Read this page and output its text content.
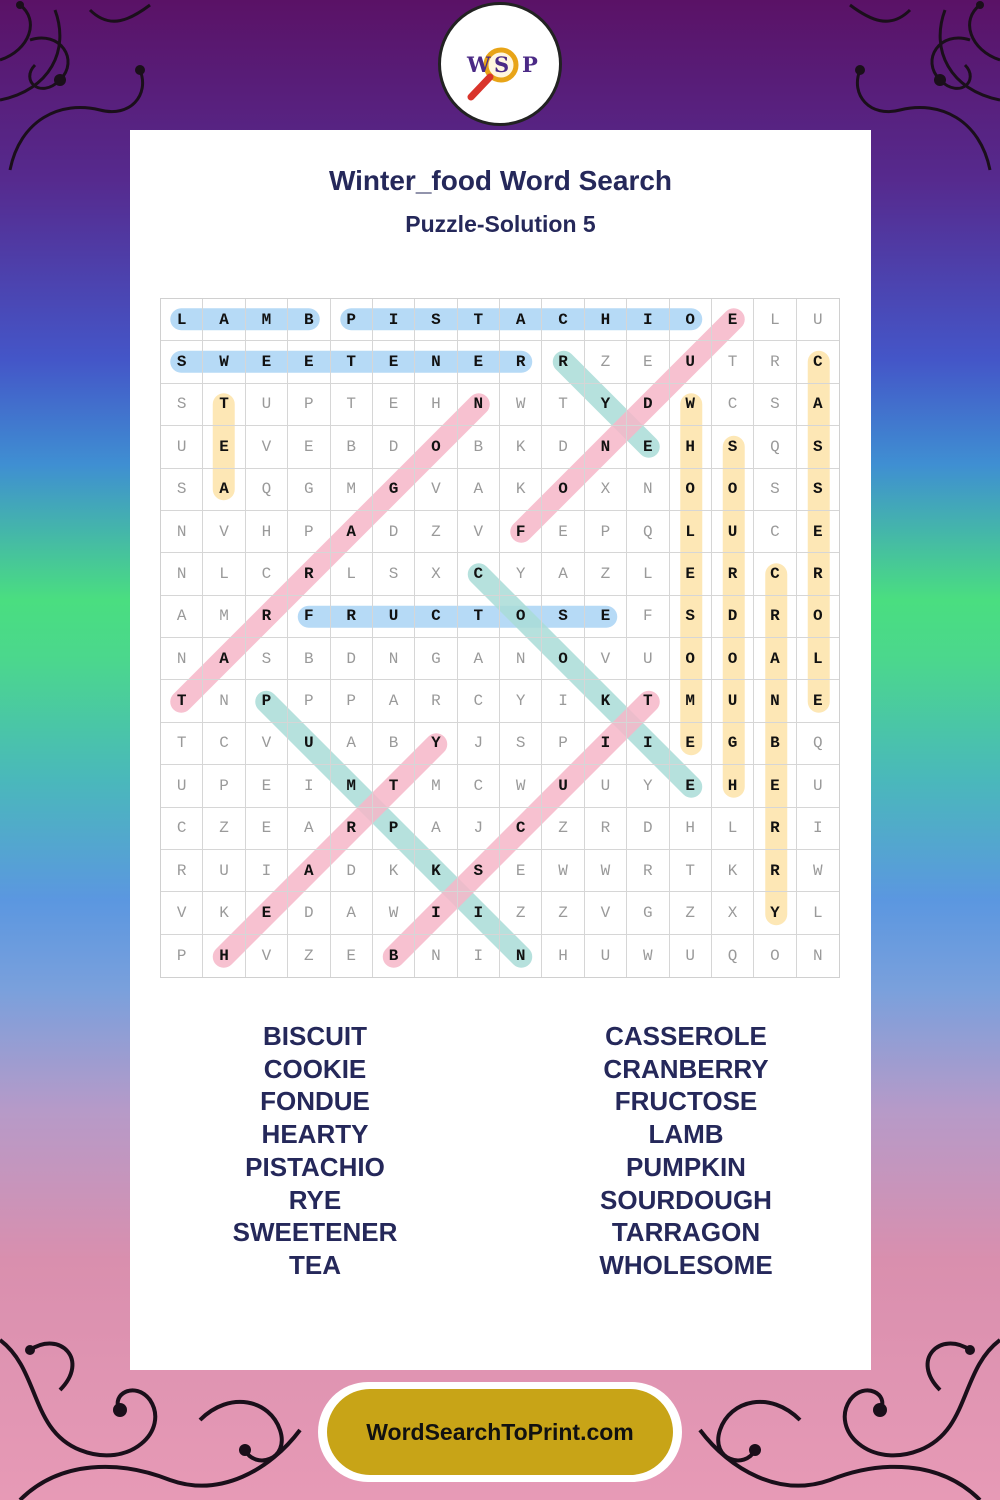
W S P
Winter_food Word Search
Puzzle-Solution 5
L	A	M	B	P	I	S	T	A	C	H	I	O	E	L	U
S	W	E	E	T	E	N	E	R	R	Z	E	U	T	R	C
S	T	U	P	T	E	H	N	W	T	Y	D	W	C	S	A
U	E	V	E	B	D	O	B	K	D	N	E	H	S	Q	S
S	A	Q	G	M	G	V	A	K	O	X	N	O	O	S	S
N	V	H	P	A	D	Z	V	F	E	P	Q	L	U	C	E
N	L	C	R	L	S	X	C	Y	A	Z	L	E	R	C	R
A	M	R	F	R	U	C	T	O	S	E	F	S	D	R	O
N	A	S	B	D	N	G	A	N	O	V	U	O	O	A	L
T	N	P	P	P	A	R	C	Y	I	K	T	M	U	N	E
T	C	V	U	A	B	Y	J	S	P	I	I	E	G	B	Q
U	P	E	I	M	T	M	C	W	U	U	Y	E	H	E	U
C	Z	E	A	R	P	A	J	C	Z	R	D	H	L	R	I
R	U	I	A	D	K	K	S	E	W	W	R	T	K	R	W
V	K	E	D	A	W	I	I	Z	Z	V	G	Z	X	Y	L
P	H	V	Z	E	B	N	I	N	H	U	W	U	Q	O	N
BISCUIT
COOKIE
FONDUE
HEARTY
PISTACHIO
RYE
SWEETENER
TEA
CASSEROLE
CRANBERRY
FRUCTOSE
LAMB
PUMPKIN
SOURDOUGH
TARRAGON
WHOLESOME
WordSearchToPrint.com
